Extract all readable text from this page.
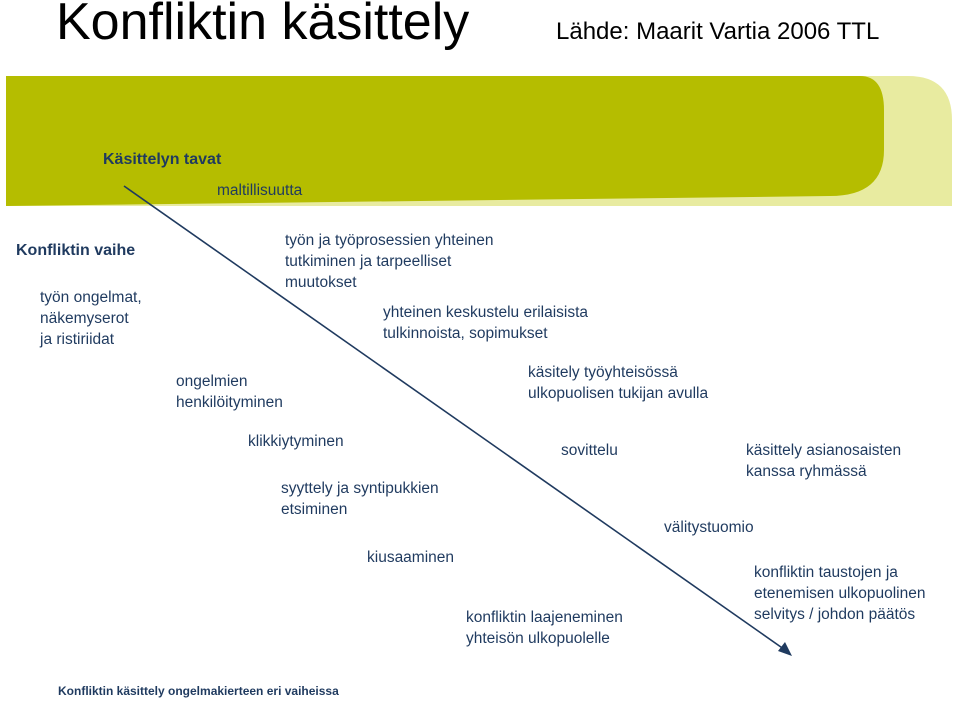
Konfliktin käsittely	Lähde: Maarit Vartia 2006 TTL
Käsittelyn tavat
Konfliktin vaihe
maltillisuutta
työn ja työprosessien yhteinen
tutkiminen ja tarpeelliset
muutokset
yhteinen keskustelu erilaisista
tulkinnoista, sopimukset
käsitely työyhteisössä
ulkopuolisen tukijan avulla
sovittelu	käsittely asianosaisten
kanssa ryhmässä
välitystuomio
konfliktin taustojen ja
etenemisen ulkopuolinen
selvitys / johdon päätös
työn ongelmat,
näkemyserot
ja ristiriidat
ongelmien
henkilöityminen
klikkiytyminen
syyttely ja syntipukkien
etsiminen
kiusaaminen
konfliktin laajeneminen
yhteisön ulkopuolelle
Konfliktin käsittely ongelmakierteen eri vaiheissa
